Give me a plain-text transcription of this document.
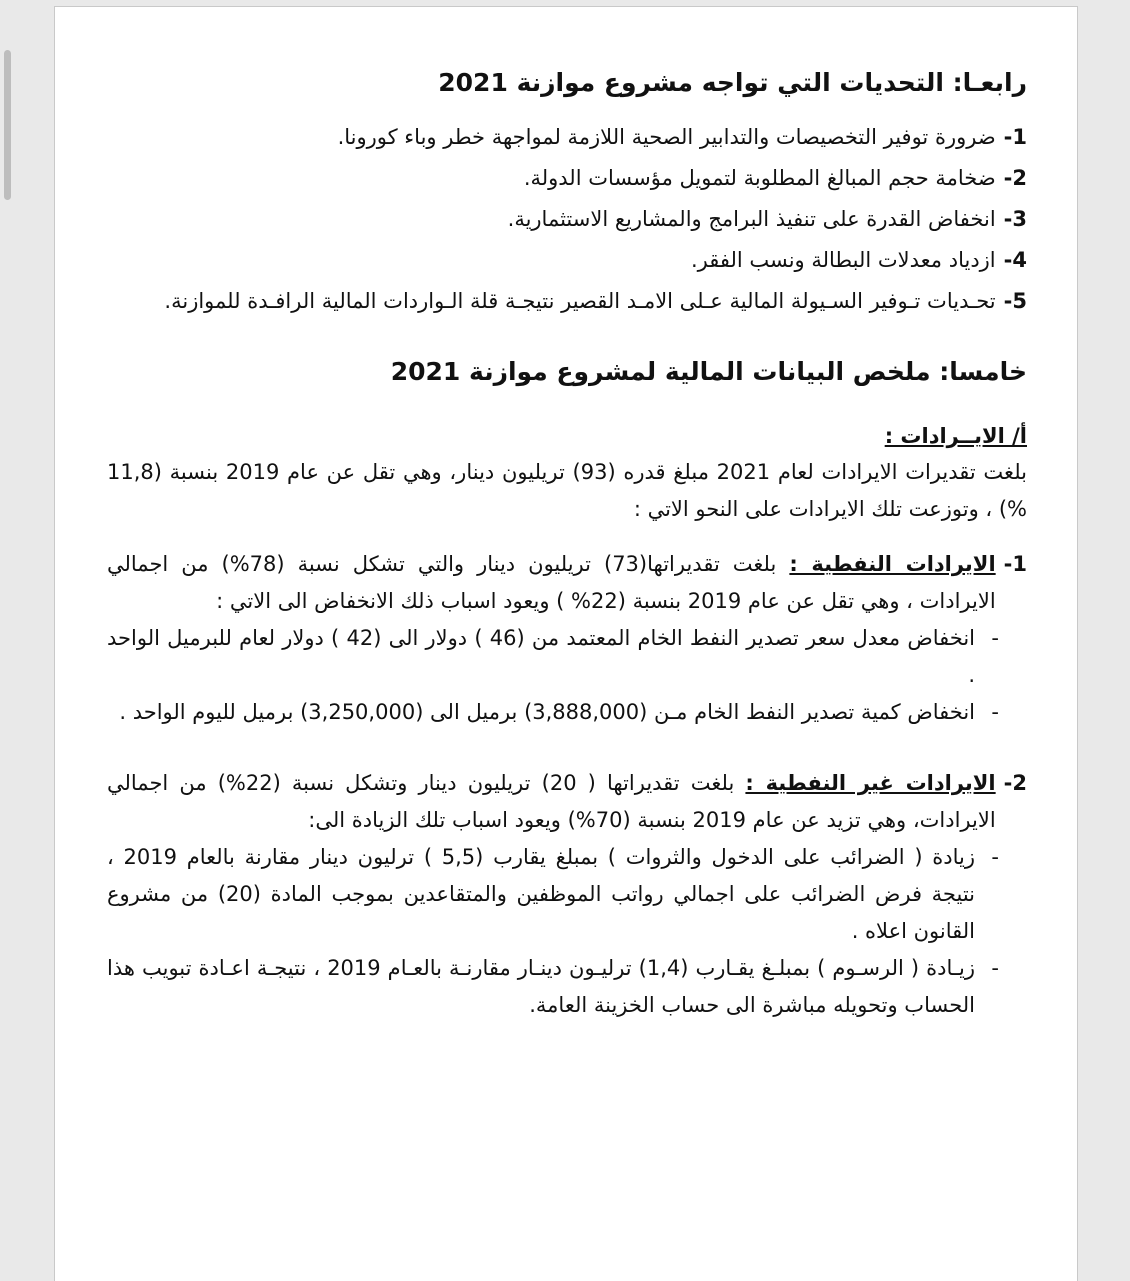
رابعـا: التحديات التي تواجه مشروع موازنة 2021
1-
ضرورة توفير التخصيصات والتدابير الصحية اللازمة لمواجهة خطر وباء كورونا.
2-
ضخامة حجم المبالغ المطلوبة لتمويل مؤسسات الدولة.
3-
انخفاض القدرة على تنفيذ البرامج والمشاريع الاستثمارية.
4-
ازدياد معدلات البطالة ونسب الفقر.
5-
تحـديات تـوفير السـيولة المالية عـلى الامـد القصير نتيجـة قلة الـواردات المالية الرافـدة للموازنة.
خامسا: ملخص البيانات المالية لمشروع موازنة 2021
أ/ الايــرادات :
بلغت تقديرات الايرادات لعام 2021 مبلغ قدره (93) تريليون دينار، وهي تقل عن عام 2019 بنسبة (11,8 %) ، وتوزعت تلك الايرادات على النحو الاتي :
1-
الايرادات النفطية : بلغت تقديراتها(73) تريليون دينار والتي تشكل نسبة (78%) من اجمالي الايرادات ، وهي تقل عن عام 2019 بنسبة (22% ) ويعود اسباب ذلك الانخفاض الى الاتي :
-
انخفاض معدل سعر تصدير النفط الخام المعتمد من (46 ) دولار الى (42 ) دولار لعام للبرميل الواحد .
-
انخفاض كمية تصدير النفط الخام مـن (3,888,000) برميل الى (3,250,000) برميل لليوم الواحد .
2-
الايرادات غير النفطية : بلغت تقديراتها ( 20) تريليون دينار وتشكل نسبة (22%) من اجمالي الايرادات، وهي تزيد عن عام 2019 بنسبة (70%) ويعود اسباب تلك الزيادة الى:
-
زيادة ( الضرائب على الدخول والثروات ) بمبلغ يقارب (5,5 ) ترليون دينار مقارنة بالعام 2019 ، نتيجة فرض الضرائب على اجمالي رواتب الموظفين والمتقاعدين بموجب المادة (20) من مشروع القانون اعلاه .
-
زيـادة ( الرسـوم ) بمبلـغ يقـارب (1,4) ترليـون دينـار مقارنـة بالعـام 2019 ، نتيجـة اعـادة تبويب هذا الحساب وتحويله مباشرة الى حساب الخزينة العامة.
